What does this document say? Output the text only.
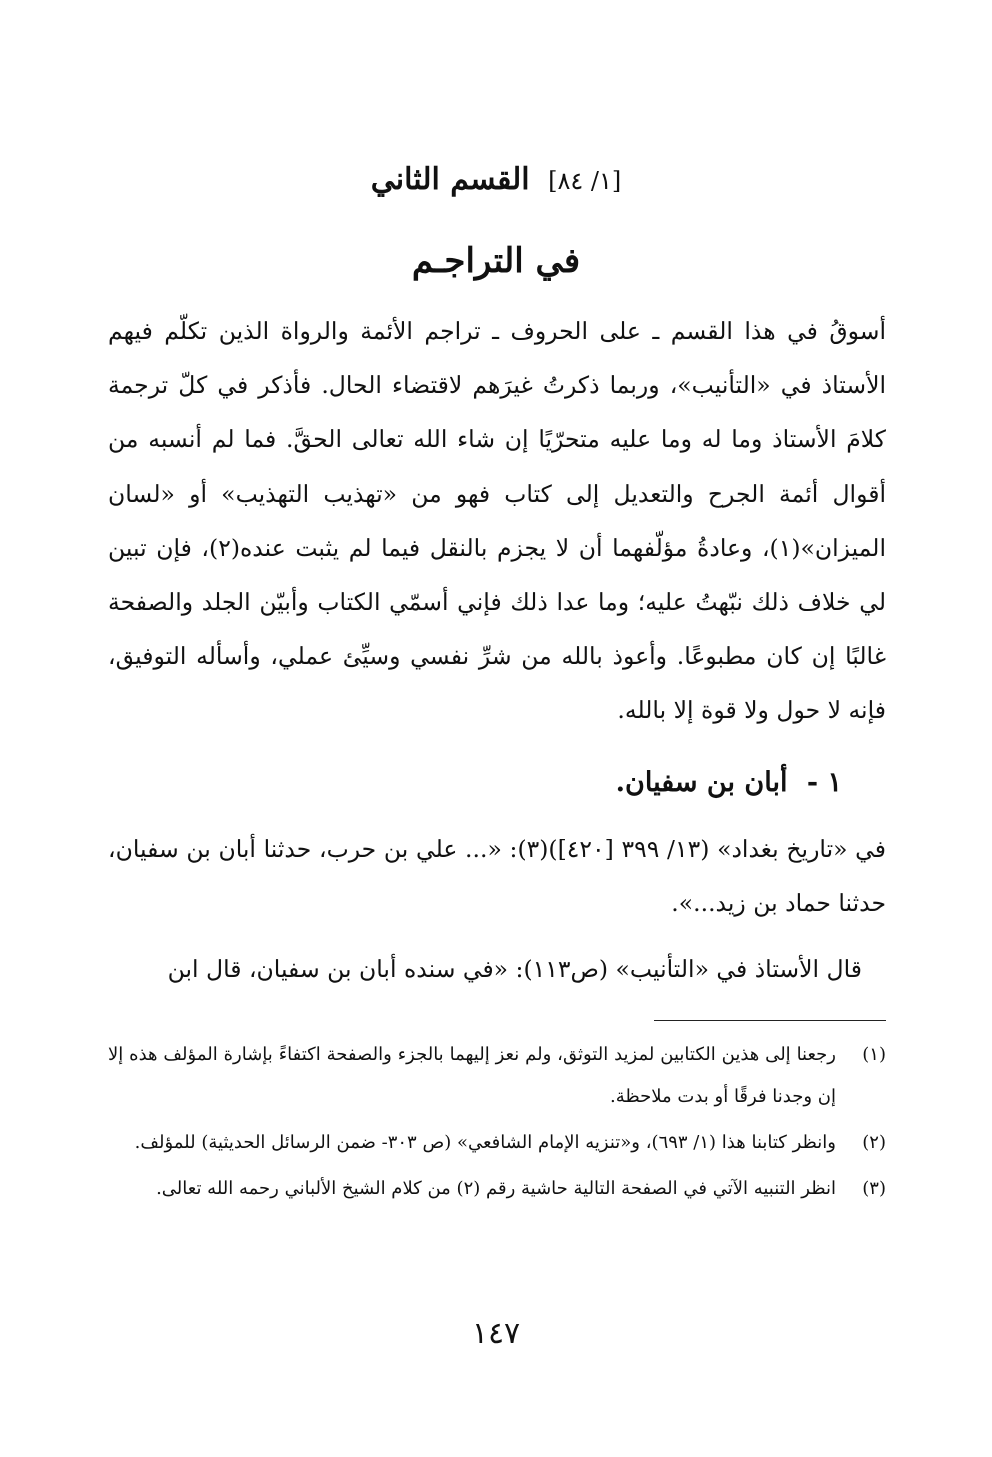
[١/ ٨٤] القسم الثاني
في التراجـم

أسوقُ في هذا القسم ـ على الحروف ـ تراجم الأئمة والرواة الذين تكلّم فيهم الأستاذ في «التأنيب»، وربما ذكرتُ غيرَهم لاقتضاء الحال. فأذكر في كلّ ترجمة كلامَ الأستاذ وما له وما عليه متحرّيًا إن شاء الله تعالى الحقَّ. فما لم أنسبه من أقوال أئمة الجرح والتعديل إلى كتاب فهو من «تهذيب التهذيب» أو «لسان الميزان»(١)، وعادةُ مؤلّفهما أن لا يجزم بالنقل فيما لم يثبت عنده(٢)، فإن تبين لي خلاف ذلك نبّهتُ عليه؛ وما عدا ذلك فإني أسمّي الكتاب وأبيّن الجلد والصفحة غالبًا إن كان مطبوعًا. وأعوذ بالله من شرِّ نفسي وسيِّئ عملي، وأسأله التوفيق، فإنه لا حول ولا قوة إلا بالله.

١ - أبان بن سفيان.

في «تاريخ بغداد» (١٣/ ٣٩٩ [٤٢٠])(٣): «... علي بن حرب، حدثنا أبان بن سفيان، حدثنا حماد بن زيد...».

قال الأستاذ في «التأنيب» (ص١١٣): «في سنده أبان بن سفيان، قال ابن

(١)
رجعنا إلى هذين الكتابين لمزيد التوثق، ولم نعز إليهما بالجزء والصفحة اكتفاءً بإشارة المؤلف هذه إلا إن وجدنا فرقًا أو بدت ملاحظة.
(٢)
وانظر كتابنا هذا (١/ ٦٩٣)، و«تنزيه الإمام الشافعي» (ص ٣٠٣- ضمن الرسائل الحديثية) للمؤلف.
(٣)
انظر التنبيه الآتي في الصفحة التالية حاشية رقم (٢) من كلام الشيخ الألباني رحمه الله تعالى.
١٤٧
